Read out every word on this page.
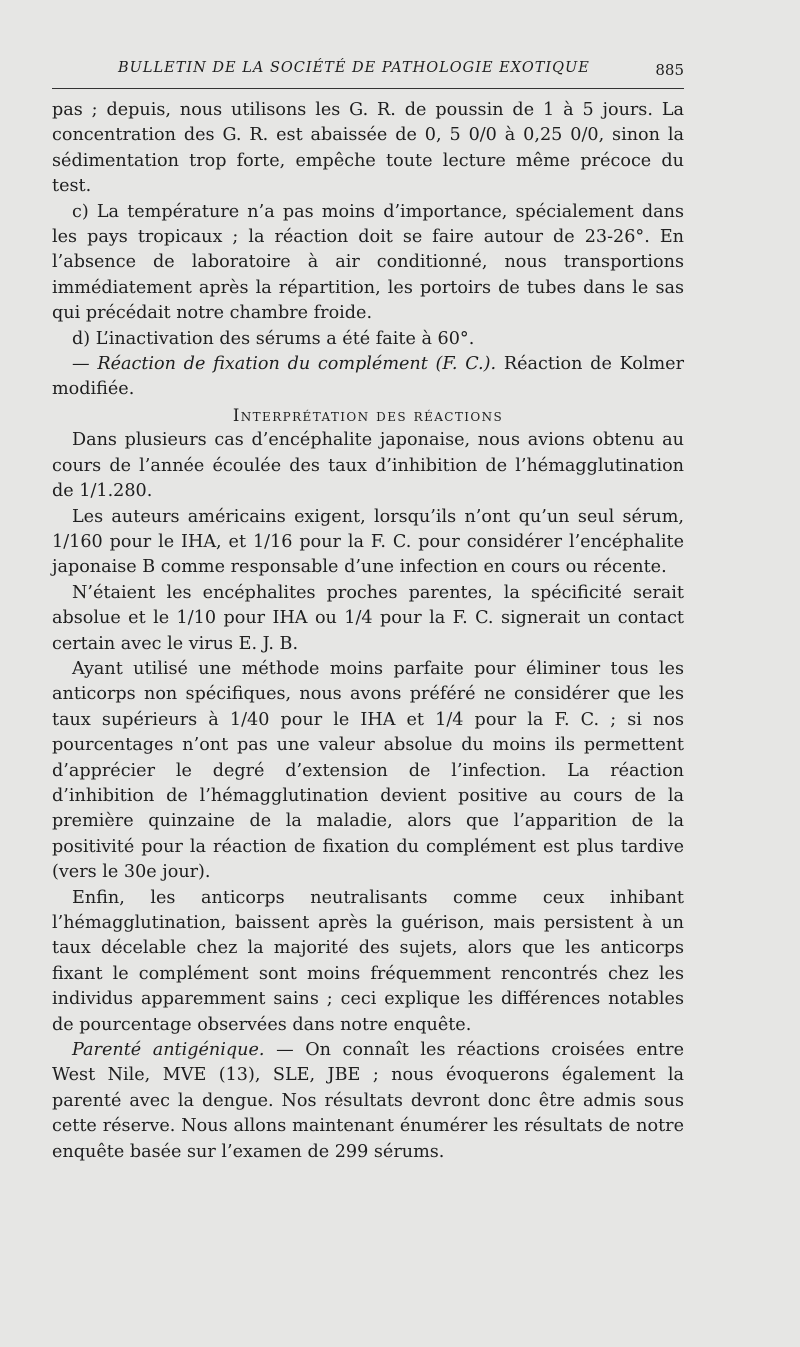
BULLETIN DE LA SOCIÉTÉ DE PATHOLOGIE EXOTIQUE	885

pas ; depuis, nous utilisons les G. R. de poussin de 1 à 5 jours. La concentration des G. R. est abaissée de 0, 5 0/0 à 0,25 0/0, sinon la sédimentation trop forte, empêche toute lecture même précoce du test.

c) La température n’a pas moins d’importance, spécialement dans les pays tropicaux ; la réaction doit se faire autour de 23-26°. En l’absence de laboratoire à air conditionné, nous transportions immédiatement après la répartition, les portoirs de tubes dans le sas qui précédait notre chambre froide.

d) L’inactivation des sérums a été faite à 60°.

— Réaction de fixation du complément (F. C.). Réaction de Kolmer modifiée.

Interprétation des réactions

Dans plusieurs cas d’encéphalite japonaise, nous avions obtenu au cours de l’année écoulée des taux d’inhibition de l’hémagglutination de 1/1.280.

Les auteurs américains exigent, lorsqu’ils n’ont qu’un seul sérum, 1/160 pour le IHA, et 1/16 pour la F. C. pour considérer l’encéphalite japonaise B comme responsable d’une infection en cours ou récente.

N’étaient les encéphalites proches parentes, la spécificité serait absolue et le 1/10 pour IHA ou 1/4 pour la F. C. signerait un contact certain avec le virus E. J. B.

Ayant utilisé une méthode moins parfaite pour éliminer tous les anticorps non spécifiques, nous avons préféré ne considérer que les taux supérieurs à 1/40 pour le IHA et 1/4 pour la F. C. ; si nos pourcentages n’ont pas une valeur absolue du moins ils permettent d’apprécier le degré d’extension de l’infection. La réaction d’inhibition de l’hémagglutination devient positive au cours de la première quinzaine de la maladie, alors que l’apparition de la positivité pour la réaction de fixation du complément est plus tardive (vers le 30e jour).

Enfin, les anticorps neutralisants comme ceux inhibant l’hémagglutination, baissent après la guérison, mais persistent à un taux décelable chez la majorité des sujets, alors que les anticorps fixant le complément sont moins fréquemment rencontrés chez les individus apparemment sains ; ceci explique les différences notables de pourcentage observées dans notre enquête.

Parenté antigénique. — On connaît les réactions croisées entre West Nile, MVE (13), SLE, JBE ; nous évoquerons également la parenté avec la dengue. Nos résultats devront donc être admis sous cette réserve. Nous allons maintenant énumérer les résultats de notre enquête basée sur l’examen de 299 sérums.
